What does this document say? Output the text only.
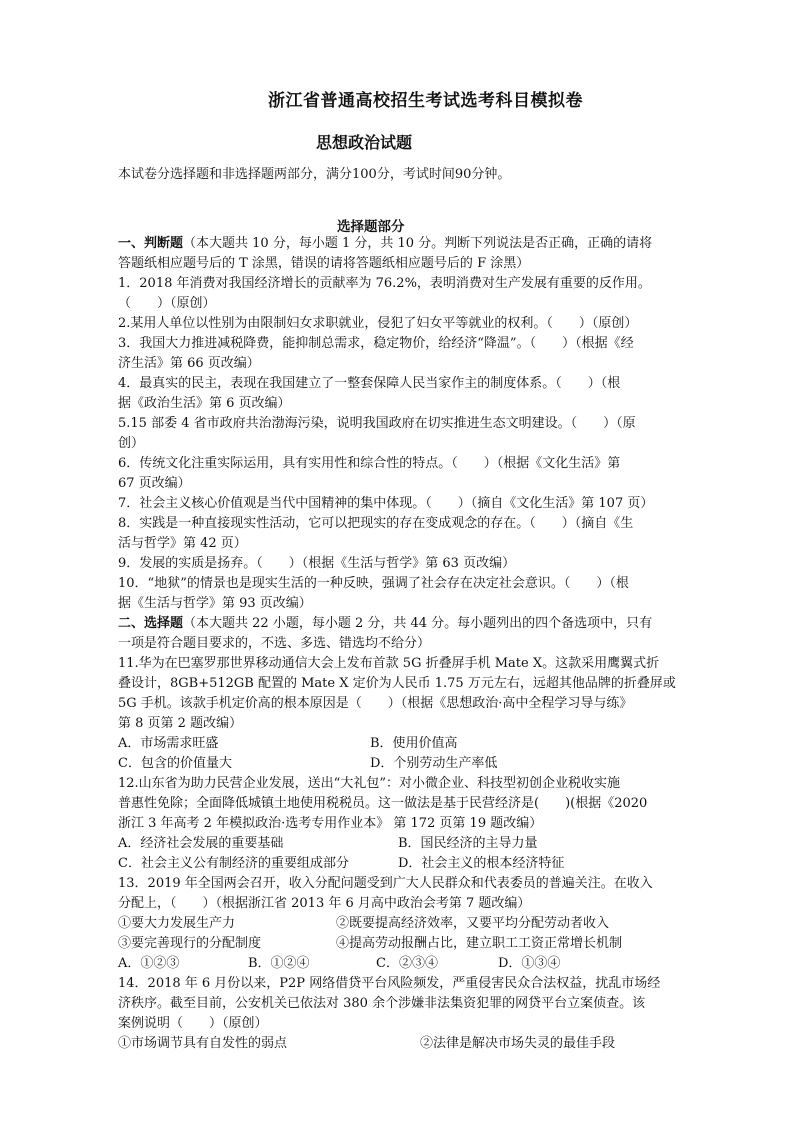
浙江省普通高校招生考试选考科目模拟卷
思想政治试题
本试卷分选择题和非选择题两部分，满分100分，考试时间90分钟。
选择题部分
一、判断题（本大题共 10 分，每小题 1 分，共 10 分。判断下列说法是否正确，正确的请将
答题纸相应题号后的 T 涂黑，错误的请将答题纸相应题号后的 F 涂黑）
1．2018 年消费对我国经济增长的贡献率为 76.2%，表明消费对生产发展有重要的反作用。
（　　）（原创）
2.某用人单位以性别为由限制妇女求职就业，侵犯了妇女平等就业的权利。（　　）（原创）
3．我国大力推进减税降费，能抑制总需求，稳定物价，给经济“降温”。（　　）（根据《经
济生活》第 66 页改编）
4．最真实的民主，表现在我国建立了一整套保障人民当家作主的制度体系。（　　）（根
据《政治生活》第 6 页改编）
5.15 部委 4 省市政府共治渤海污染，说明我国政府在切实推进生态文明建设。（　　）（原
创）
6．传统文化注重实际运用，具有实用性和综合性的特点。（　　）（根据《文化生活》第
67 页改编）
7．社会主义核心价值观是当代中国精神的集中体现。（　　）（摘自《文化生活》第 107 页）
8．实践是一种直接现实性活动，它可以把现实的存在变成观念的存在。（　　）（摘自《生
活与哲学》第 42 页）
9．发展的实质是扬弃。（　　）（根据《生活与哲学》第 63 页改编）
10．“地狱”的情景也是现实生活的一种反映，强调了社会存在决定社会意识。（　　）（根
据《生活与哲学》第 93 页改编）
二、选择题（本大题共 22 小题，每小题 2 分，共 44 分。每小题列出的四个备选项中，只有
一项是符合题目要求的，不选、多选、错选均不给分）
11.华为在巴塞罗那世界移动通信大会上发布首款 5G 折叠屏手机 Mate X。这款采用鹰翼式折
叠设计，8GB+512GB 配置的 Mate X 定价为人民币 1.75 万元左右，远超其他品牌的折叠屏或
5G 手机。该款手机定价高的根本原因是（　　）（根据《思想政治·高中全程学习导与练》
第 8 页第 2 题改编）
A．市场需求旺盛	B．使用价值高
C．包含的价值量大	D．个别劳动生产率低
12.山东省为助力民营企业发展，送出“大礼包”：对小微企业、科技型初创企业税收实施
普惠性免除；全面降低城镇土地使用税税员。这一做法是基于民营经济是(　　)(根据《2020
浙江 3 年高考 2 年模拟政治·选考专用作业本》 第 172 页第 19 题改编）
A．经济社会发展的重要基础	B．国民经济的主导力量
C．社会主义公有制经济的重要组成部分	D．社会主义的根本经济特征
13．2019 年全国两会召开，收入分配问题受到广大人民群众和代表委员的普遍关注。在收入
分配上，（　　）（根据浙江省 2013 年 6 月高中政治会考第 7 题改编）
①要大力发展生产力	②既要提高经济效率，又要平均分配劳动者收入
③要完善现行的分配制度	④提高劳动报酬占比，建立职工工资正常增长机制
A．①②③	B．①②④	C．②③④	D．①③④
14．2018 年 6 月份以来，P2P 网络借贷平台风险频发，严重侵害民众合法权益，扰乱市场经
济秩序。截至目前，公安机关已依法对 380 余个涉嫌非法集资犯罪的网贷平台立案侦查。该
案例说明（　　）（原创）
①市场调节具有自发性的弱点	②法律是解决市场失灵的最佳手段
